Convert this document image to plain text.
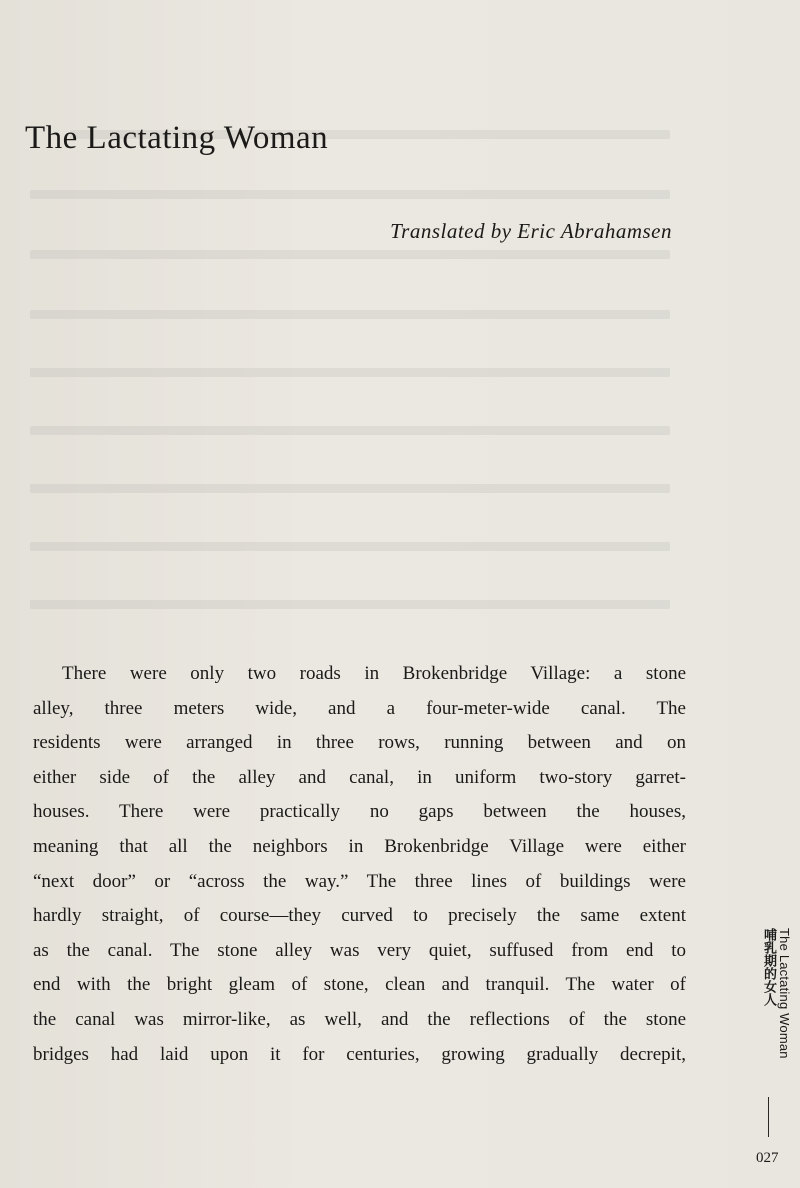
The Lactating Woman
Translated by Eric Abrahamsen
There were only two roads in Brokenbridge Village: a stone
alley, three meters wide, and a four-meter-wide canal. The
residents were arranged in three rows, running between and on
either side of the alley and canal, in uniform two-story garret-
houses. There were practically no gaps between the houses,
meaning that all the neighbors in Brokenbridge Village were either
“next door” or “across the way.” The three lines of buildings were
hardly straight, of course—they curved to precisely the same extent
as the canal. The stone alley was very quiet, suffused from end to
end with the bright gleam of stone, clean and tranquil. The water of
the canal was mirror-like, as well, and the reflections of the stone
bridges had laid upon it for centuries, growing gradually decrepit,	The Lactating Woman
哺乳期的女人
027
